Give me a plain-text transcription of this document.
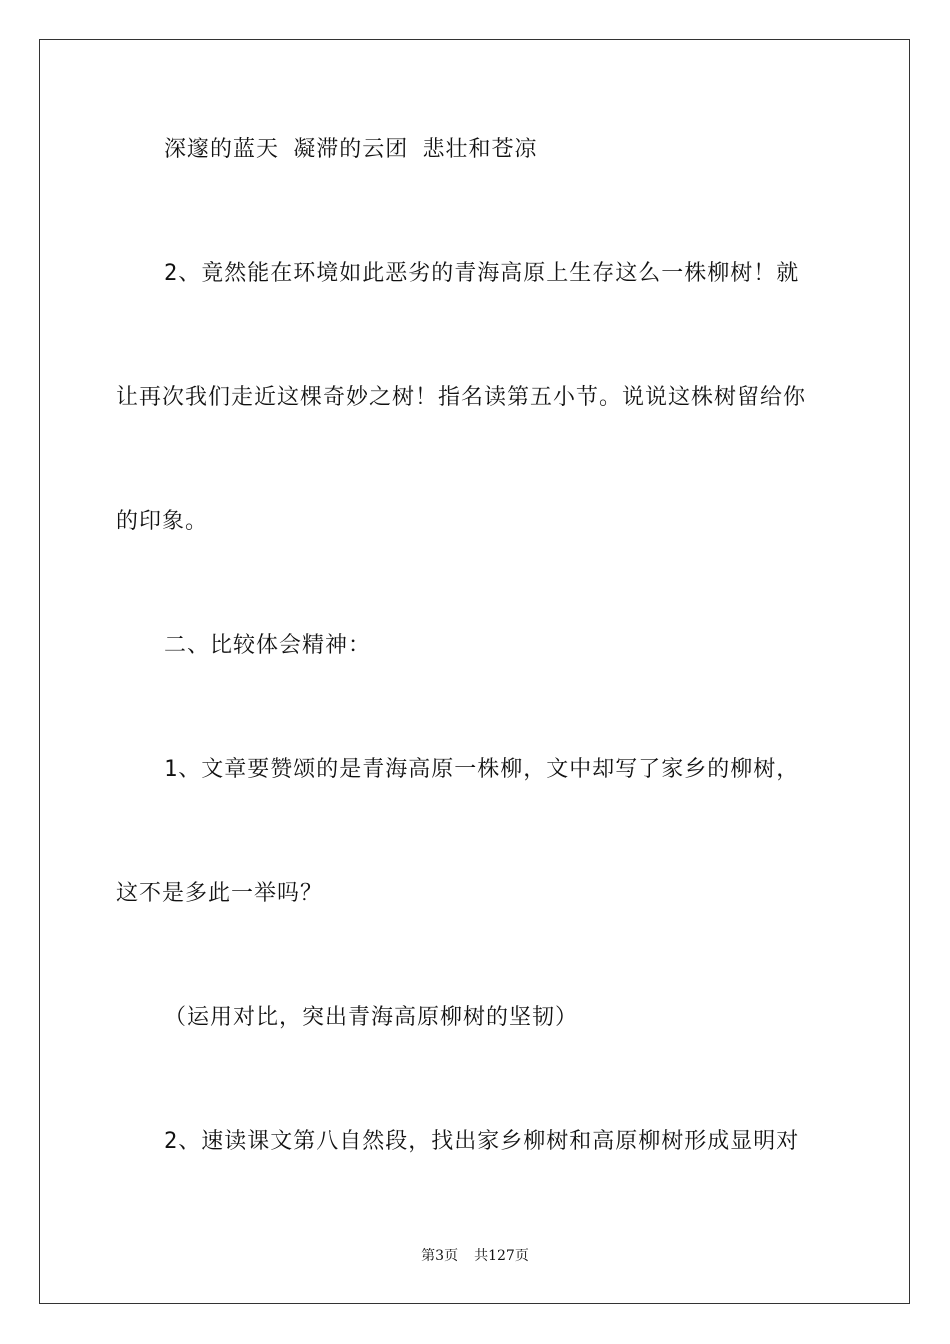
深邃的蓝天 凝滞的云团 悲壮和苍凉
2、竟然能在环境如此恶劣的青海高原上生存这么一株柳树！就
让再次我们走近这棵奇妙之树！指名读第五小节。说说这株树留给你
的印象。
二、比较体会精神：
1、文章要赞颂的是青海高原一株柳，文中却写了家乡的柳树，
这不是多此一举吗？
（运用对比，突出青海高原柳树的坚韧）
2、速读课文第八自然段，找出家乡柳树和高原柳树形成显明对
第3页 共127页
